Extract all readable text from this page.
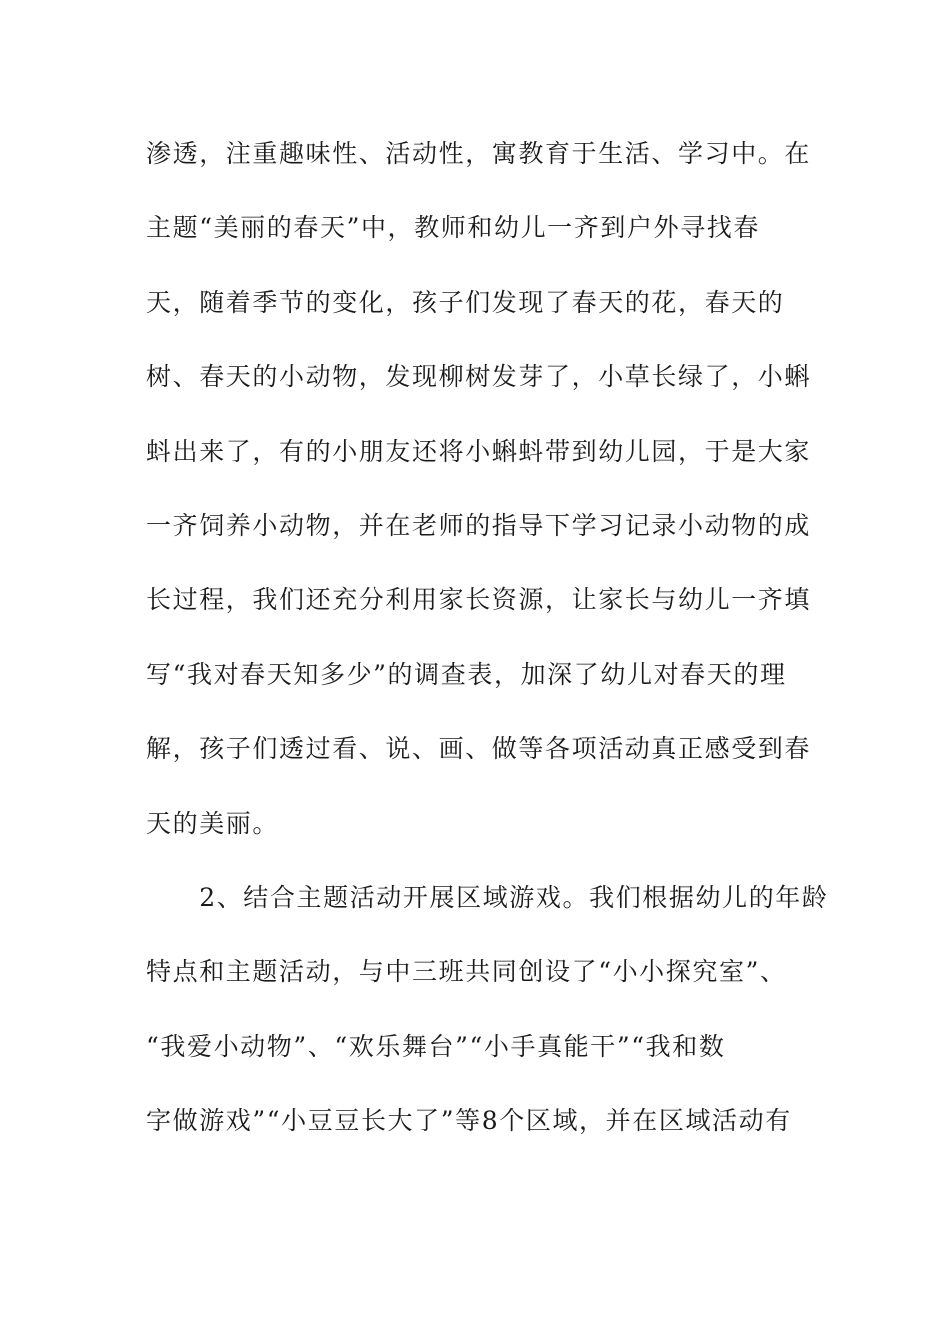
渗透，注重趣味性、活动性，寓教育于生活、学习中。在
主题“美丽的春天”中，教师和幼儿一齐到户外寻找春
天，随着季节的变化，孩子们发现了春天的花，春天的
树、春天的小动物，发现柳树发芽了，小草长绿了，小蝌
蚪出来了，有的小朋友还将小蝌蚪带到幼儿园，于是大家
一齐饲养小动物，并在老师的指导下学习记录小动物的成
长过程，我们还充分利用家长资源，让家长与幼儿一齐填
写“我对春天知多少”的调查表，加深了幼儿对春天的理
解，孩子们透过看、说、画、做等各项活动真正感受到春
天的美丽。
　　2、结合主题活动开展区域游戏。我们根据幼儿的年龄
特点和主题活动，与中三班共同创设了“小小探究室”、
“我爱小动物”、“欢乐舞台”“小手真能干”“我和数
字做游戏”“小豆豆长大了”等8个区域，并在区域活动有
